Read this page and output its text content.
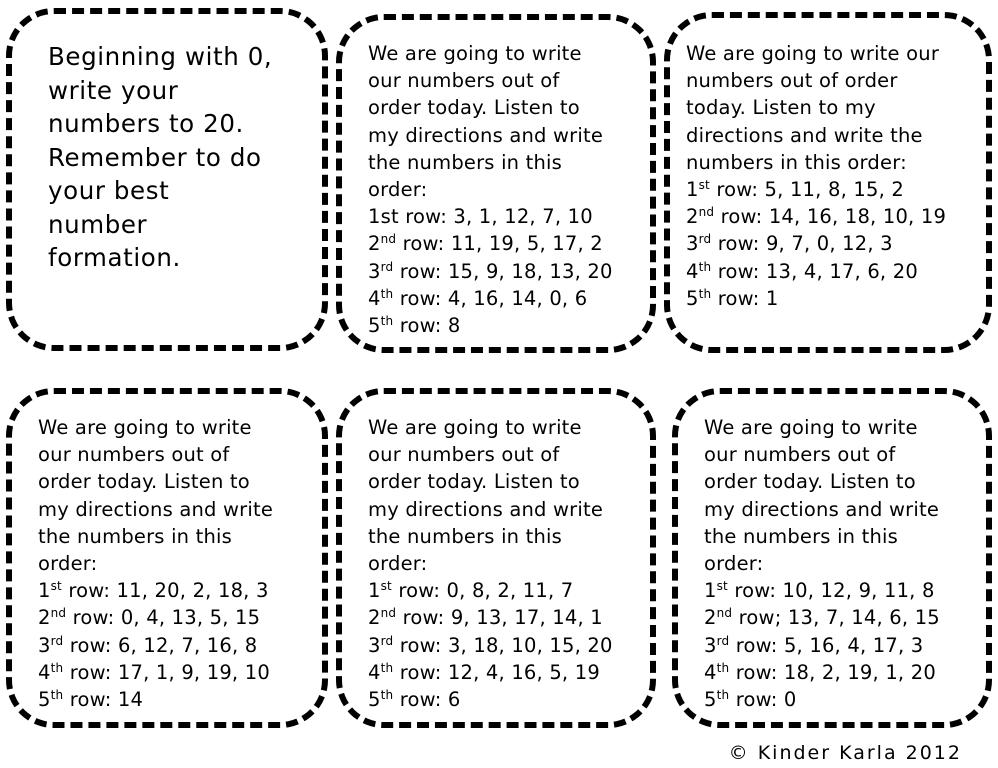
Beginning with 0,
write your
numbers to 20.
Remember to do
your best
number
formation.
We are going to write
our numbers out of
order today. Listen to
my directions and write
the numbers in this
order:
1st row: 3, 1, 12, 7, 10
2nd row: 11, 19, 5, 17, 2
3rd row: 15, 9, 18, 13, 20
4th row: 4, 16, 14, 0, 6
5th row: 8
We are going to write our
numbers out of order
today. Listen to my
directions and write the
numbers in this order:
1st row: 5, 11, 8, 15, 2
2nd row: 14, 16, 18, 10, 19
3rd row: 9, 7, 0, 12, 3
4th row: 13, 4, 17, 6, 20
5th row: 1
We are going to write
our numbers out of
order today. Listen to
my directions and write
the numbers in this
order:
1st row: 11, 20, 2, 18, 3
2nd row: 0, 4, 13, 5, 15
3rd row: 6, 12, 7, 16, 8
4th row: 17, 1, 9, 19, 10
5th row: 14
We are going to write
our numbers out of
order today. Listen to
my directions and write
the numbers in this
order:
1st row: 0, 8, 2, 11, 7
2nd row: 9, 13, 17, 14, 1
3rd row: 3, 18, 10, 15, 20
4th row: 12, 4, 16, 5, 19
5th row: 6
We are going to write
our numbers out of
order today. Listen to
my directions and write
the numbers in this
order:
1st row: 10, 12, 9, 11, 8
2nd row; 13, 7, 14, 6, 15
3rd row: 5, 16, 4, 17, 3
4th row: 18, 2, 19, 1, 20
5th row: 0
© Kinder Karla 2012
